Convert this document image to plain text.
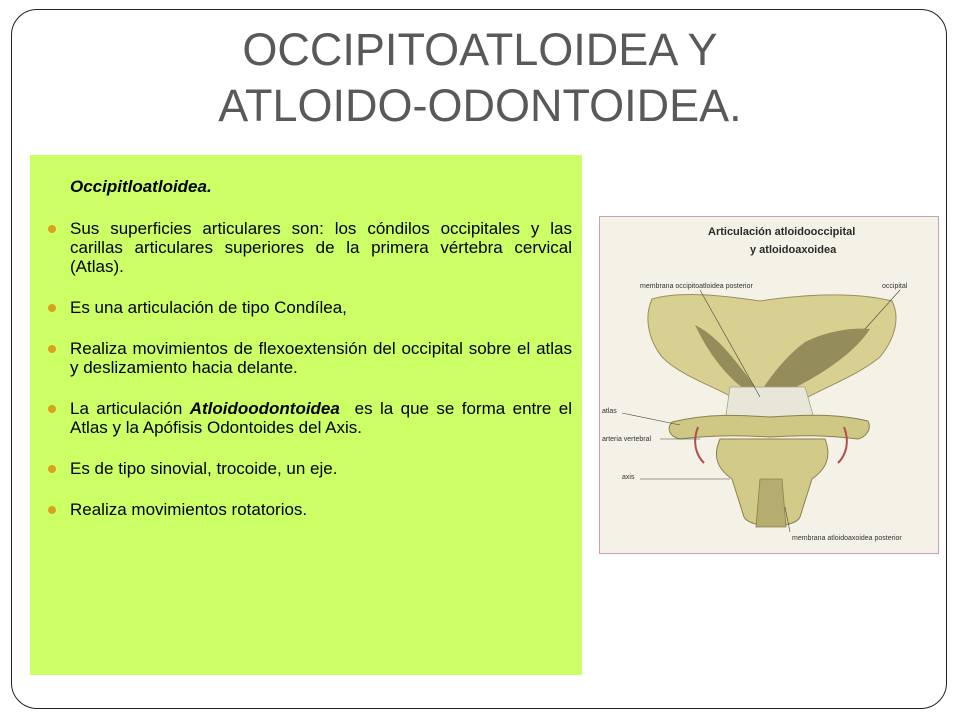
OCCIPITOATLOIDEA Y
ATLOIDO-ODONTOIDEA.

Occipitloatloidea.

Sus superficies articulares son: los cóndilos occipitales y las carillas articulares superiores de la primera vértebra cervical (Atlas).
Es una articulación de tipo Condílea,
Realiza movimientos de flexoextensión del occipital sobre el atlas y deslizamiento hacia delante.
La articulación Atloidoodontoidea  es la que se forma entre el Atlas y la Apófisis Odontoides del Axis.
Es de tipo sinovial, trocoide, un eje.
Realiza movimientos rotatorios.
Articulación atloidooccipital
y atloidoaxoidea
membrana occipitoatloidea posterior	occipital
atlas
arteria vertebral
axis
membrana atloidoaxoidea posterior
